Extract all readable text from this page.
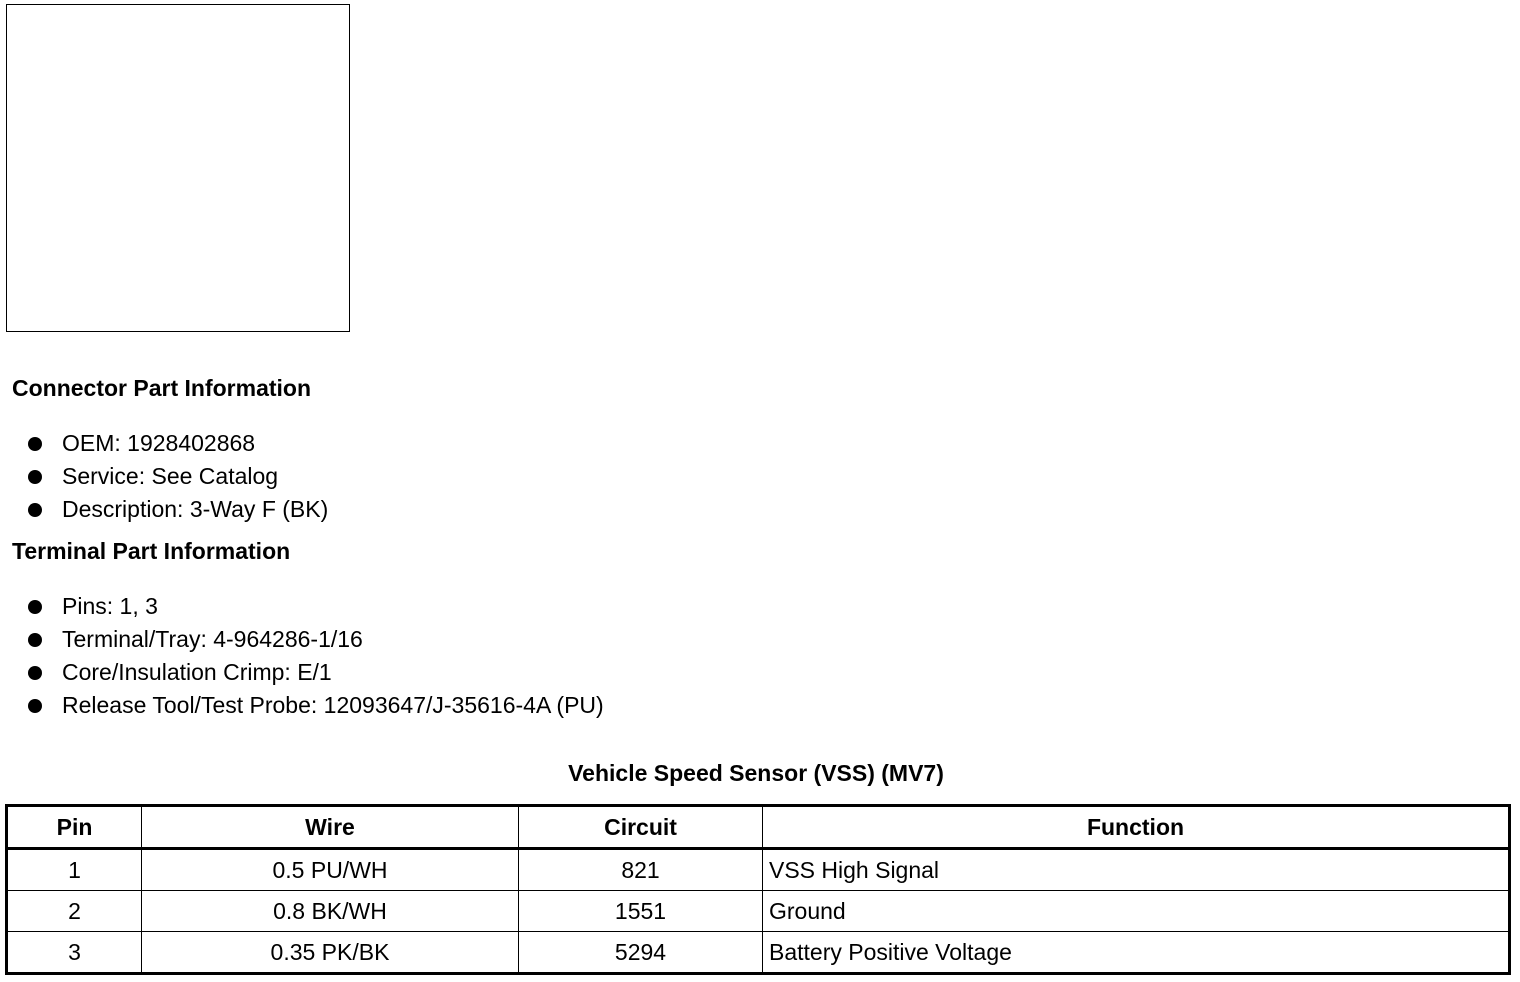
Connector Part Information
OEM: 1928402868
Service: See Catalog
Description: 3-Way F (BK)
Terminal Part Information
Pins: 1, 3
Terminal/Tray: 4-964286-1/16
Core/Insulation Crimp: E/1
Release Tool/Test Probe: 12093647/J-35616-4A (PU)
Vehicle Speed Sensor (VSS) (MV7)
Pin	Wire	Circuit	Function
1	0.5 PU/WH	821	VSS High Signal
2	0.8 BK/WH	1551	Ground
3	0.35 PK/BK	5294	Battery Positive Voltage
